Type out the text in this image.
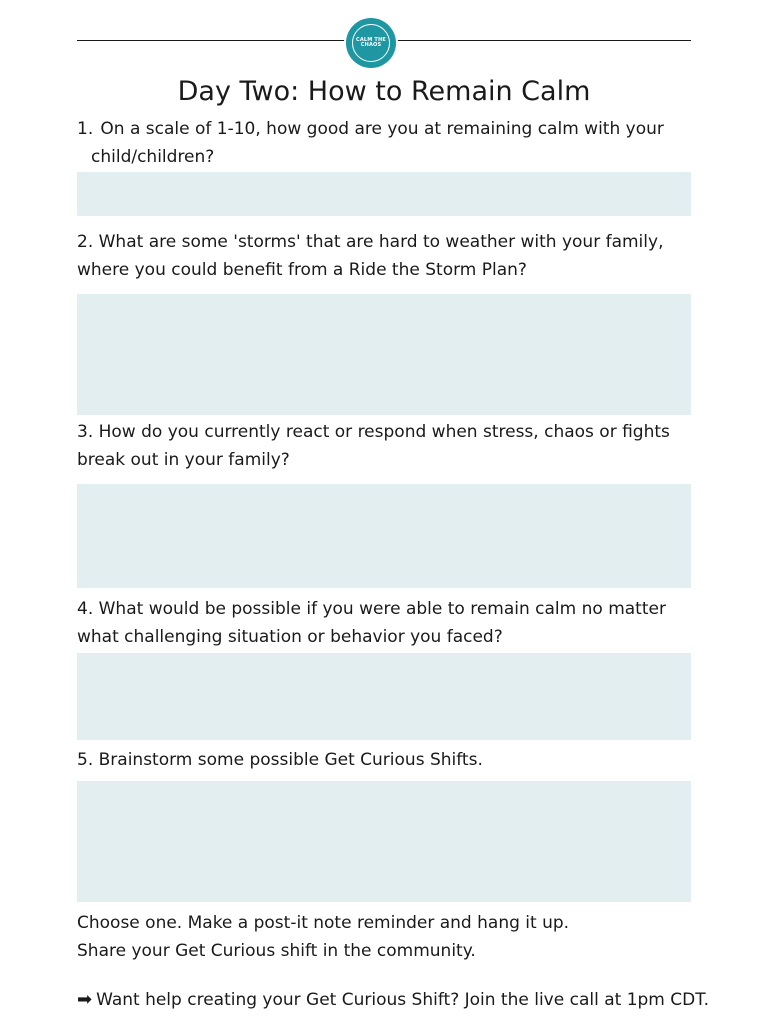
CALM THE
CHAOS
Day Two: How to Remain Calm

1. On a scale of 1-10, how good are you at remaining calm with your
child/children?

2. What are some 'storms' that are hard to weather with your family, where you could benefit from a Ride the Storm Plan?

3. How do you currently react or respond when stress, chaos or fights break out in your family?

4. What would be possible if you were able to remain calm no matter what challenging situation or behavior you faced?

5. Brainstorm some possible Get Curious Shifts.

Choose one. Make a post-it note reminder and hang it up.
Share your Get Curious shift in the community.

➡ Want help creating your Get Curious Shift? Join the live call at 1pm CDT.
